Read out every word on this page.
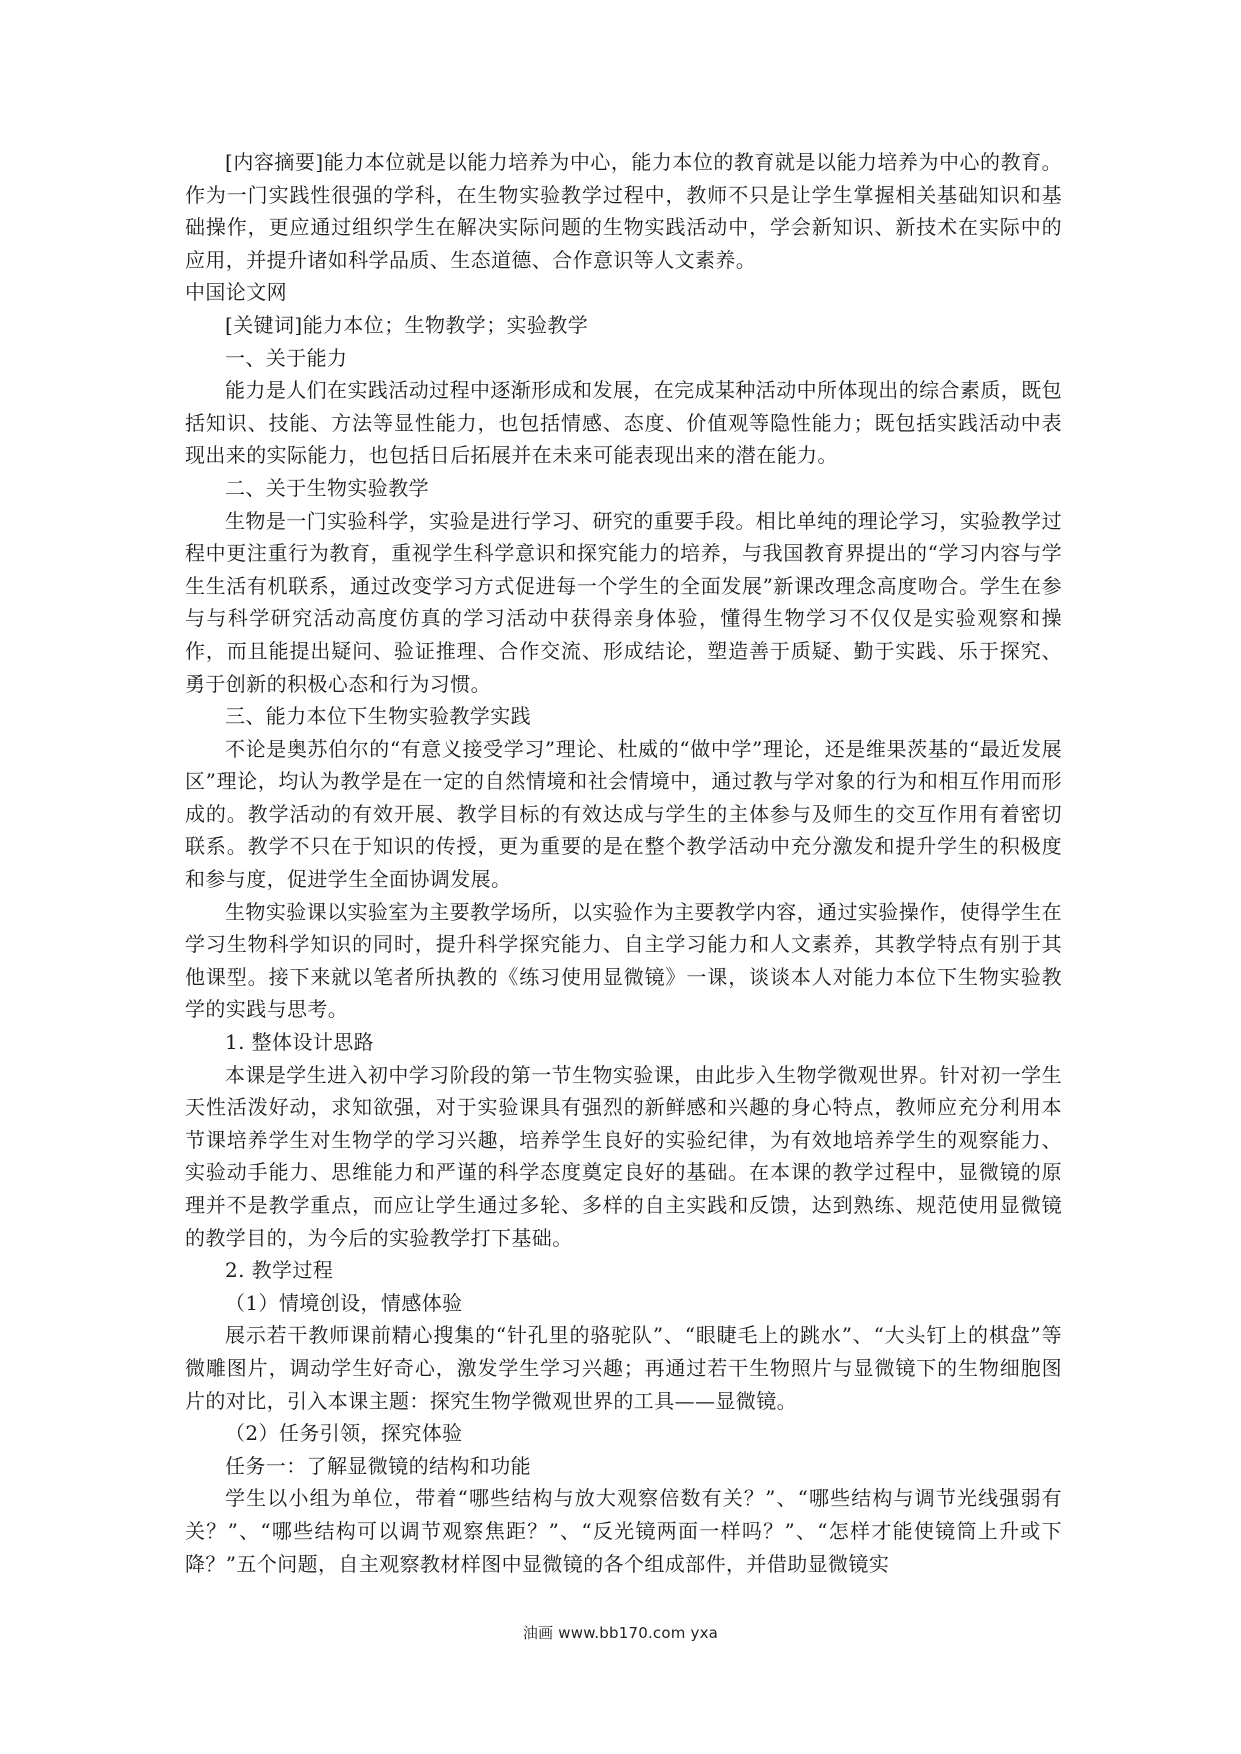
[内容摘要]能力本位就是以能力培养为中心，能力本位的教育就是以能力培养为中心的教育。作为一门实践性很强的学科，在生物实验教学过程中，教师不只是让学生掌握相关基础知识和基础操作，更应通过组织学生在解决实际问题的生物实践活动中，学会新知识、新技术在实际中的应用，并提升诸如科学品质、生态道德、合作意识等人文素养。

中国论文网

[关键词]能力本位；生物教学；实验教学

一、关于能力

能力是人们在实践活动过程中逐渐形成和发展，在完成某种活动中所体现出的综合素质，既包括知识、技能、方法等显性能力，也包括情感、态度、价值观等隐性能力；既包括实践活动中表现出来的实际能力，也包括日后拓展并在未来可能表现出来的潜在能力。

二、关于生物实验教学

生物是一门实验科学，实验是进行学习、研究的重要手段。相比单纯的理论学习，实验教学过程中更注重行为教育，重视学生科学意识和探究能力的培养，与我国教育界提出的“学习内容与学生生活有机联系，通过改变学习方式促进每一个学生的全面发展”新课改理念高度吻合。学生在参与与科学研究活动高度仿真的学习活动中获得亲身体验，懂得生物学习不仅仅是实验观察和操作，而且能提出疑问、验证推理、合作交流、形成结论，塑造善于质疑、勤于实践、乐于探究、勇于创新的积极心态和行为习惯。

三、能力本位下生物实验教学实践

不论是奥苏伯尔的“有意义接受学习”理论、杜威的“做中学”理论，还是维果茨基的“最近发展区”理论，均认为教学是在一定的自然情境和社会情境中，通过教与学对象的行为和相互作用而形成的。教学活动的有效开展、教学目标的有效达成与学生的主体参与及师生的交互作用有着密切联系。教学不只在于知识的传授，更为重要的是在整个教学活动中充分激发和提升学生的积极度和参与度，促进学生全面协调发展。

生物实验课以实验室为主要教学场所，以实验作为主要教学内容，通过实验操作，使得学生在学习生物科学知识的同时，提升科学探究能力、自主学习能力和人文素养，其教学特点有别于其他课型。接下来就以笔者所执教的《练习使用显微镜》一课，谈谈本人对能力本位下生物实验教学的实践与思考。

1. 整体设计思路

本课是学生进入初中学习阶段的第一节生物实验课，由此步入生物学微观世界。针对初一学生天性活泼好动，求知欲强，对于实验课具有强烈的新鲜感和兴趣的身心特点，教师应充分利用本节课培养学生对生物学的学习兴趣，培养学生良好的实验纪律，为有效地培养学生的观察能力、实验动手能力、思维能力和严谨的科学态度奠定良好的基础。在本课的教学过程中，显微镜的原理并不是教学重点，而应让学生通过多轮、多样的自主实践和反馈，达到熟练、规范使用显微镜的教学目的，为今后的实验教学打下基础。

2. 教学过程

（1）情境创设，情感体验

展示若干教师课前精心搜集的“针孔里的骆驼队”、“眼睫毛上的跳水”、“大头钉上的棋盘”等微雕图片，调动学生好奇心，激发学生学习兴趣；再通过若干生物照片与显微镜下的生物细胞图片的对比，引入本课主题：探究生物学微观世界的工具——显微镜。

（2）任务引领，探究体验

任务一：了解显微镜的结构和功能

学生以小组为单位，带着“哪些结构与放大观察倍数有关？”、“哪些结构与调节光线强弱有关？”、“哪些结构可以调节观察焦距？”、“反光镜两面一样吗？”、“怎样才能使镜筒上升或下降？”五个问题，自主观察教材样图中显微镜的各个组成部件，并借助显微镜实

油画 www.bb170.com yxa
